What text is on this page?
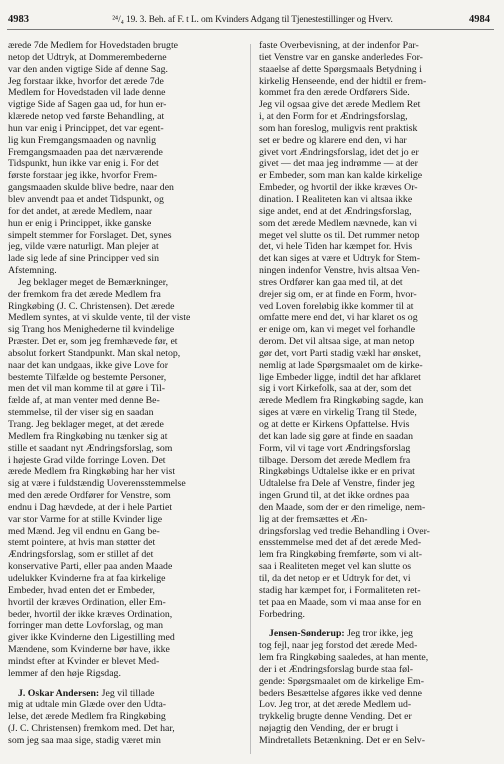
4983	²⁴/₄ 19. 3. Beh. af F. t L. om Kvinders Adgang til Tjenestestillinger og Hverv.	4984
ærede 7de Medlem for Hovedstaden brugte
netop det Udtryk, at Dommerembederne
var den anden vigtige Side af denne Sag.
Jeg forstaar ikke, hvorfor det ærede 7de
Medlem for Hovedstaden vil lade denne
vigtige Side af Sagen gaa ud, for hun er-
klærede netop ved første Behandling, at
hun var enig i Princippet, det var egent-
lig kun Fremgangsmaaden og navnlig
Fremgangsmaaden paa det nærværende
Tidspunkt, hun ikke var enig i. For det
første forstaar jeg ikke, hvorfor Frem-
gangsmaaden skulde blive bedre, naar den
blev anvendt paa et andet Tidspunkt, og
for det andet, at ærede Medlem, naar
hun er enig i Princippet, ikke ganske
simpelt stemmer for Forslaget. Det, synes
jeg, vilde være naturligt. Man plejer at
lade sig lede af sine Principper ved sin
Afstemning.
Jeg beklager meget de Bemærkninger,
der fremkom fra det ærede Medlem fra
Ringkøbing (J. C. Christensen). Det ærede
Medlem syntes, at vi skulde vente, til der viste
sig Trang hos Menighederne til kvindelige
Præster. Det er, som jeg fremhævede før, et
absolut forkert Standpunkt. Man skal netop,
naar det kan undgaas, ikke give Love for
bestemte Tilfælde og bestemte Personer,
men det vil man komme til at gøre i Til-
fælde af, at man venter med denne Be-
stemmelse, til der viser sig en saadan
Trang. Jeg beklager meget, at det ærede
Medlem fra Ringkøbing nu tænker sig at
stille et saadant nyt Ændringsforslag, som
i højeste Grad vilde forringe Loven. Det
ærede Medlem fra Ringkøbing har her vist
sig at være i fuldstændig Uoverensstemmelse
med den ærede Ordfører for Venstre, som
endnu i Dag hævdede, at der i hele Partiet
var stor Varme for at stille Kvinder lige
med Mænd. Jeg vil endnu en Gang be-
stemt pointere, at hvis man støtter det
Ændringsforslag, som er stillet af det
konservative Parti, eller paa anden Maade
udelukker Kvinderne fra at faa kirkelige
Embeder, hvad enten det er Embeder,
hvortil der kræves Ordination, eller Em-
beder, hvortil der ikke kræves Ordination,
forringer man dette Lovforslag, og man
giver ikke Kvinderne den Ligestilling med
Mændene, som Kvinderne bør have, ikke
mindst efter at Kvinder er blevet Med-
lemmer af den høje Rigsdag.
J. Oskar Andersen: Jeg vil tillade
mig at udtale min Glæde over den Udta-
lelse, det ærede Medlem fra Ringkøbing
(J. C. Christensen) fremkom med. Det har,
som jeg saa maa sige, stadig været min
faste Overbevisning, at der indenfor Par-
tiet Venstre var en ganske anderledes For-
staaelse af dette Spørgsmaals Betydning i
kirkelig Henseende, end der hidtil er frem-
kommet fra den ærede Ordførers Side.
Jeg vil ogsaa give det ærede Medlem Ret
i, at den Form for et Ændringsforslag,
som han foreslog, muligvis rent praktisk
set er bedre og klarere end den, vi har
givet vort Ændringsforslag, idet det jo er
givet — det maa jeg indrømme — at der
er Embeder, som man kan kalde kirkelige
Embeder, og hvortil der ikke kræves Or-
dination. I Realiteten kan vi altsaa ikke
sige andet, end at det Ændringsforslag,
som det ærede Medlem nævnede, kan vi
meget vel slutte os til. Det rummer netop
det, vi hele Tiden har kæmpet for. Hvis
det kan siges at være et Udtryk for Stem-
ningen indenfor Venstre, hvis altsaa Ven-
stres Ordfører kan gaa med til, at det
drejer sig om, er at finde en Form, hvor-
ved Loven foreløbig ikke kommer til at
omfatte mere end det, vi har klaret os og
er enige om, kan vi meget vel forhandle
derom. Det vil altsaa sige, at man netop
gør det, vort Parti stadig vækl har ønsket,
nemlig at lade Spørgsmaalet om de kirke-
lige Embeder ligge, indtil det har afklaret
sig i vort Kirkefolk, saa at der, som det
ærede Medlem fra Ringkøbing sagde, kan
siges at være en virkelig Trang til Stede,
og at dette er Kirkens Opfattelse. Hvis
det kan lade sig gøre at finde en saadan
Form, vil vi tage vort Ændringsforslag
tilbage. Dersom det ærede Medlem fra
Ringkøbings Udtalelse ikke er en privat
Udtalelse fra Dele af Venstre, finder jeg
ingen Grund til, at det ikke ordnes paa
den Maade, som der er den rimelige, nem-
lig at der fremsættes et Æn-
dringsforslag ved tredie Behandling i Over-
ensstemmelse med det af det ærede Med-
lem fra Ringkøbing fremførte, som vi alt-
saa i Realiteten meget vel kan slutte os
til, da det netop er et Udtryk for det, vi
stadig har kæmpet for, i Formaliteten ret-
tet paa en Maade, som vi maa anse for en
Forbedring.
Jensen-Sønderup: Jeg tror ikke, jeg
tog fejl, naar jeg forstod det ærede Med-
lem fra Ringkøbing saaledes, at han mente,
der i et Ændringsforslag burde staa føl-
gende: Spørgsmaalet om de kirkelige Em-
beders Besættelse afgøres ikke ved denne
Lov. Jeg tror, at det ærede Medlem ud-
trykkelig brugte denne Vending. Det er
nøjagtig den Vending, der er brugt i
Mindretallets Betænkning. Det er en Selv-
